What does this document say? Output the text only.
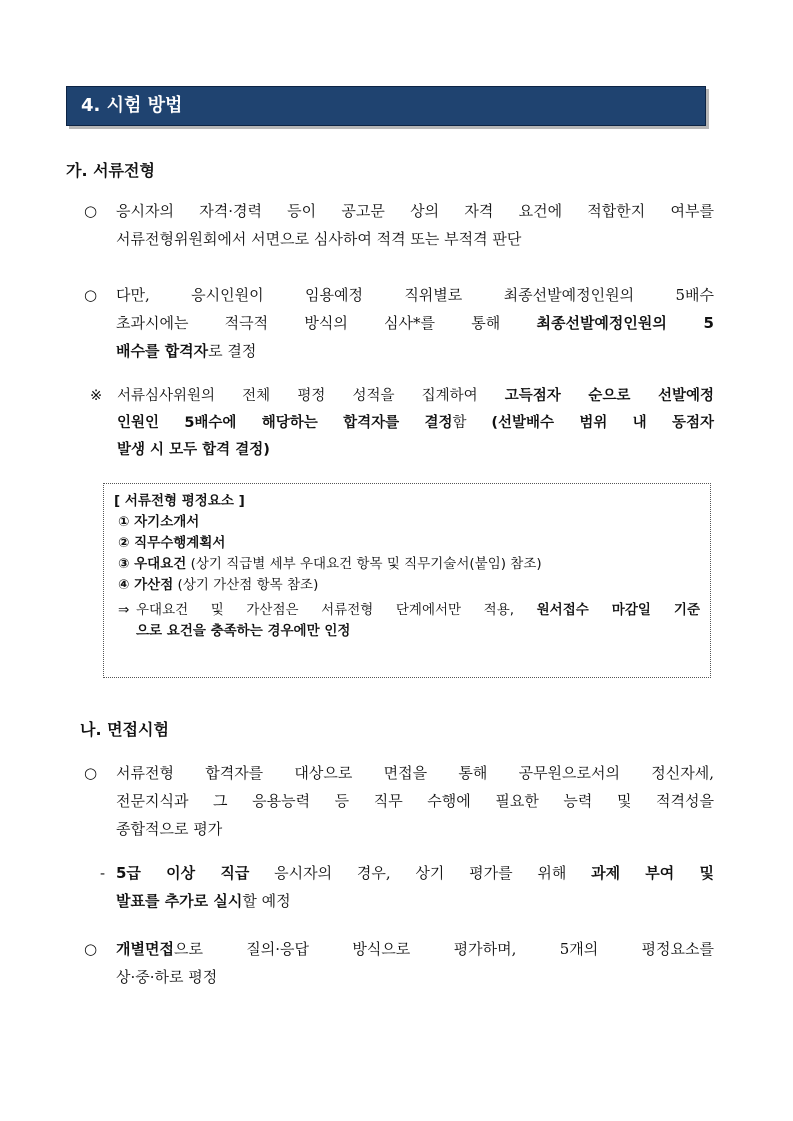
4. 시험 방법
가. 서류전형
○ 응시자의 자격·경력 등이 공고문 상의 자격 요건에 적합한지 여부를
서류전형위원회에서 서면으로 심사하여 적격 또는 부적격 판단
○ 다만, 응시인원이 임용예정 직위별로 최종선발예정인원의 5배수
초과시에는 적극적 방식의 심사*를 통해 최종선발예정인원의 5
배수를 합격자로 결정
※ 서류심사위원의 전체 평정 성적을 집계하여 고득점자 순으로 선발예정
인원인 5배수에 해당하는 합격자를 결정함 (선발배수 범위 내 동점자
발생 시 모두 합격 결정)
[ 서류전형 평정요소 ]
① 자기소개서
② 직무수행계획서
③ 우대요건 (상기 직급별 세부 우대요건 항목 및 직무기술서(붙임) 참조)
④ 가산점 (상기 가산점 항목 참조)
⇒ 우대요건 및 가산점은 서류전형 단계에서만 적용, 원서접수 마감일 기준
으로 요건을 충족하는 경우에만 인정
나. 면접시험
○ 서류전형 합격자를 대상으로 면접을 통해 공무원으로서의 정신자세,
전문지식과 그 응용능력 등 직무 수행에 필요한 능력 및 적격성을
종합적으로 평가
- 5급 이상 직급 응시자의 경우, 상기 평가를 위해 과제 부여 및
발표를 추가로 실시할 예정
○ 개별면접으로 질의·응답 방식으로 평가하며, 5개의 평정요소를
상·중·하로 평정
